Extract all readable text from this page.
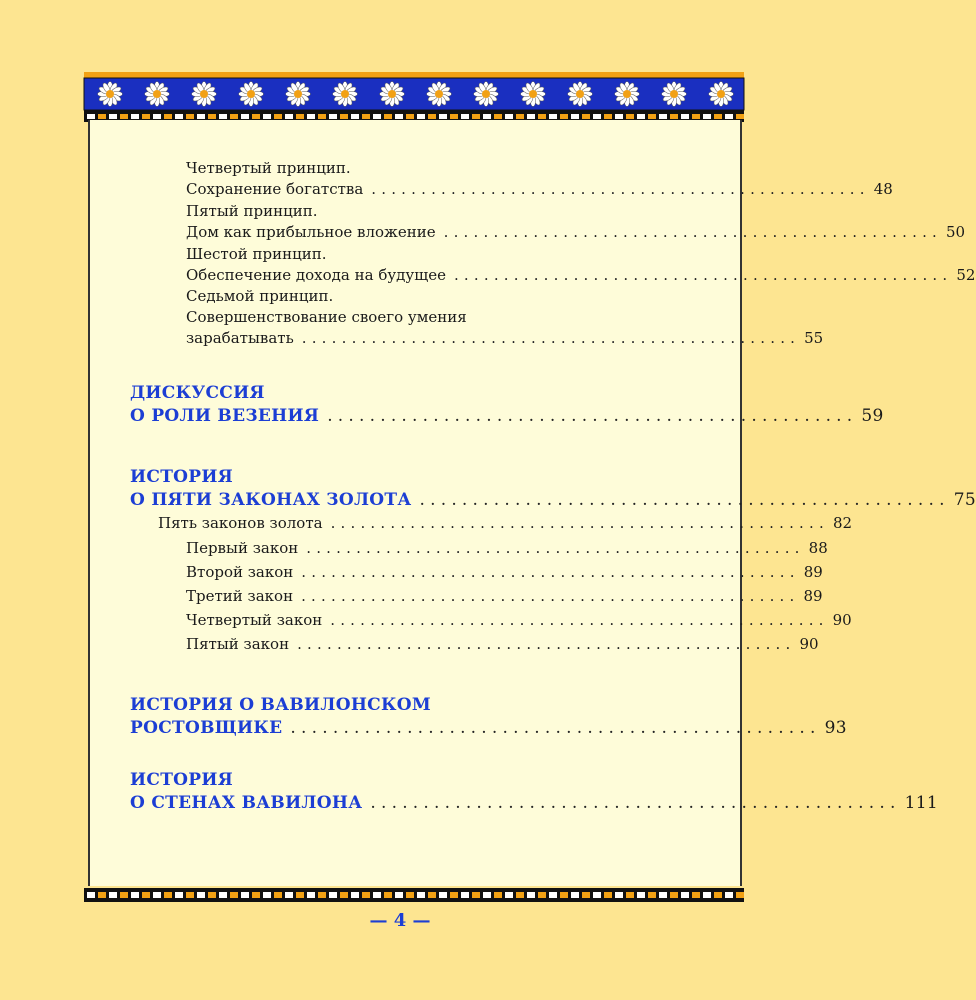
Четвертый принцип.
Сохранение богатства .................................................. 48
Пятый принцип.
Дом как прибыльное вложение .................................................. 50
Шестой принцип.
Обеспечение дохода на будущее .................................................. 52
Седьмой принцип.
Совершенствование своего умения
зарабатывать .................................................. 55
ДИСКУССИЯ
О РОЛИ ВЕЗЕНИЯ .................................................. 59
ИСТОРИЯ
О ПЯТИ ЗАКОНАХ ЗОЛОТА .................................................. 75
Пять законов золота .................................................. 82
Первый закон .................................................. 88
Второй закон .................................................. 89
Третий закон .................................................. 89
Четвертый закон .................................................. 90
Пятый закон .................................................. 90
ИСТОРИЯ О ВАВИЛОНСКОМ
РОСТОВЩИКЕ .................................................. 93
ИСТОРИЯ
О СТЕНАХ ВАВИЛОНА .................................................. 111
— 4 —
